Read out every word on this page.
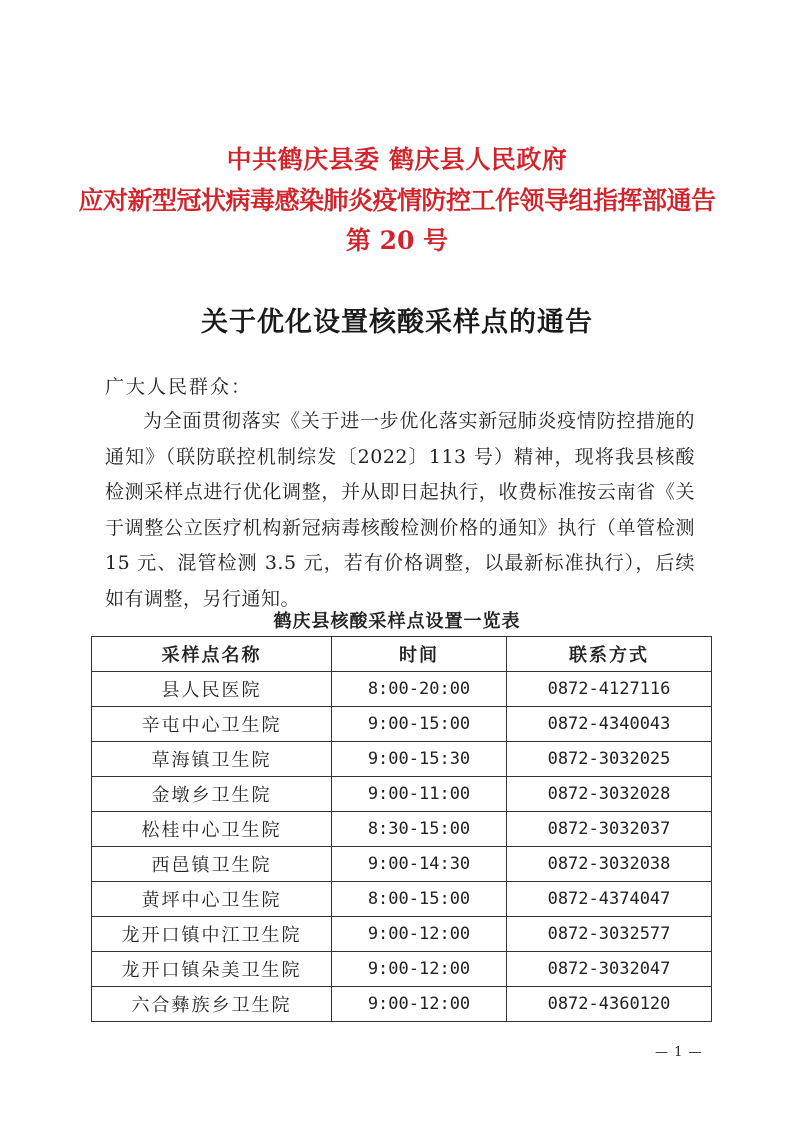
中共鹤庆县委 鹤庆县人民政府
应对新型冠状病毒感染肺炎疫情防控工作领导组指挥部通告
第 20 号
关于优化设置核酸采样点的通告
广大人民群众：
为全面贯彻落实《关于进一步优化落实新冠肺炎疫情防控措施的通知》（联防联控机制综发〔2022〕113 号）精神，现将我县核酸检测采样点进行优化调整，并从即日起执行，收费标准按云南省《关于调整公立医疗机构新冠病毒核酸检测价格的通知》执行（单管检测 15 元、混管检测 3.5 元，若有价格调整，以最新标准执行），后续如有调整，另行通知。
鹤庆县核酸采样点设置一览表
采样点名称	时间	联系方式
县人民医院	8:00-20:00	0872-4127116
辛屯中心卫生院	9:00-15:00	0872-4340043
草海镇卫生院	9:00-15:30	0872-3032025
金墩乡卫生院	9:00-11:00	0872-3032028
松桂中心卫生院	8:30-15:00	0872-3032037
西邑镇卫生院	9:00-14:30	0872-3032038
黄坪中心卫生院	8:00-15:00	0872-4374047
龙开口镇中江卫生院	9:00-12:00	0872-3032577
龙开口镇朵美卫生院	9:00-12:00	0872-3032047
六合彝族乡卫生院	9:00-12:00	0872-4360120
— 1 —
